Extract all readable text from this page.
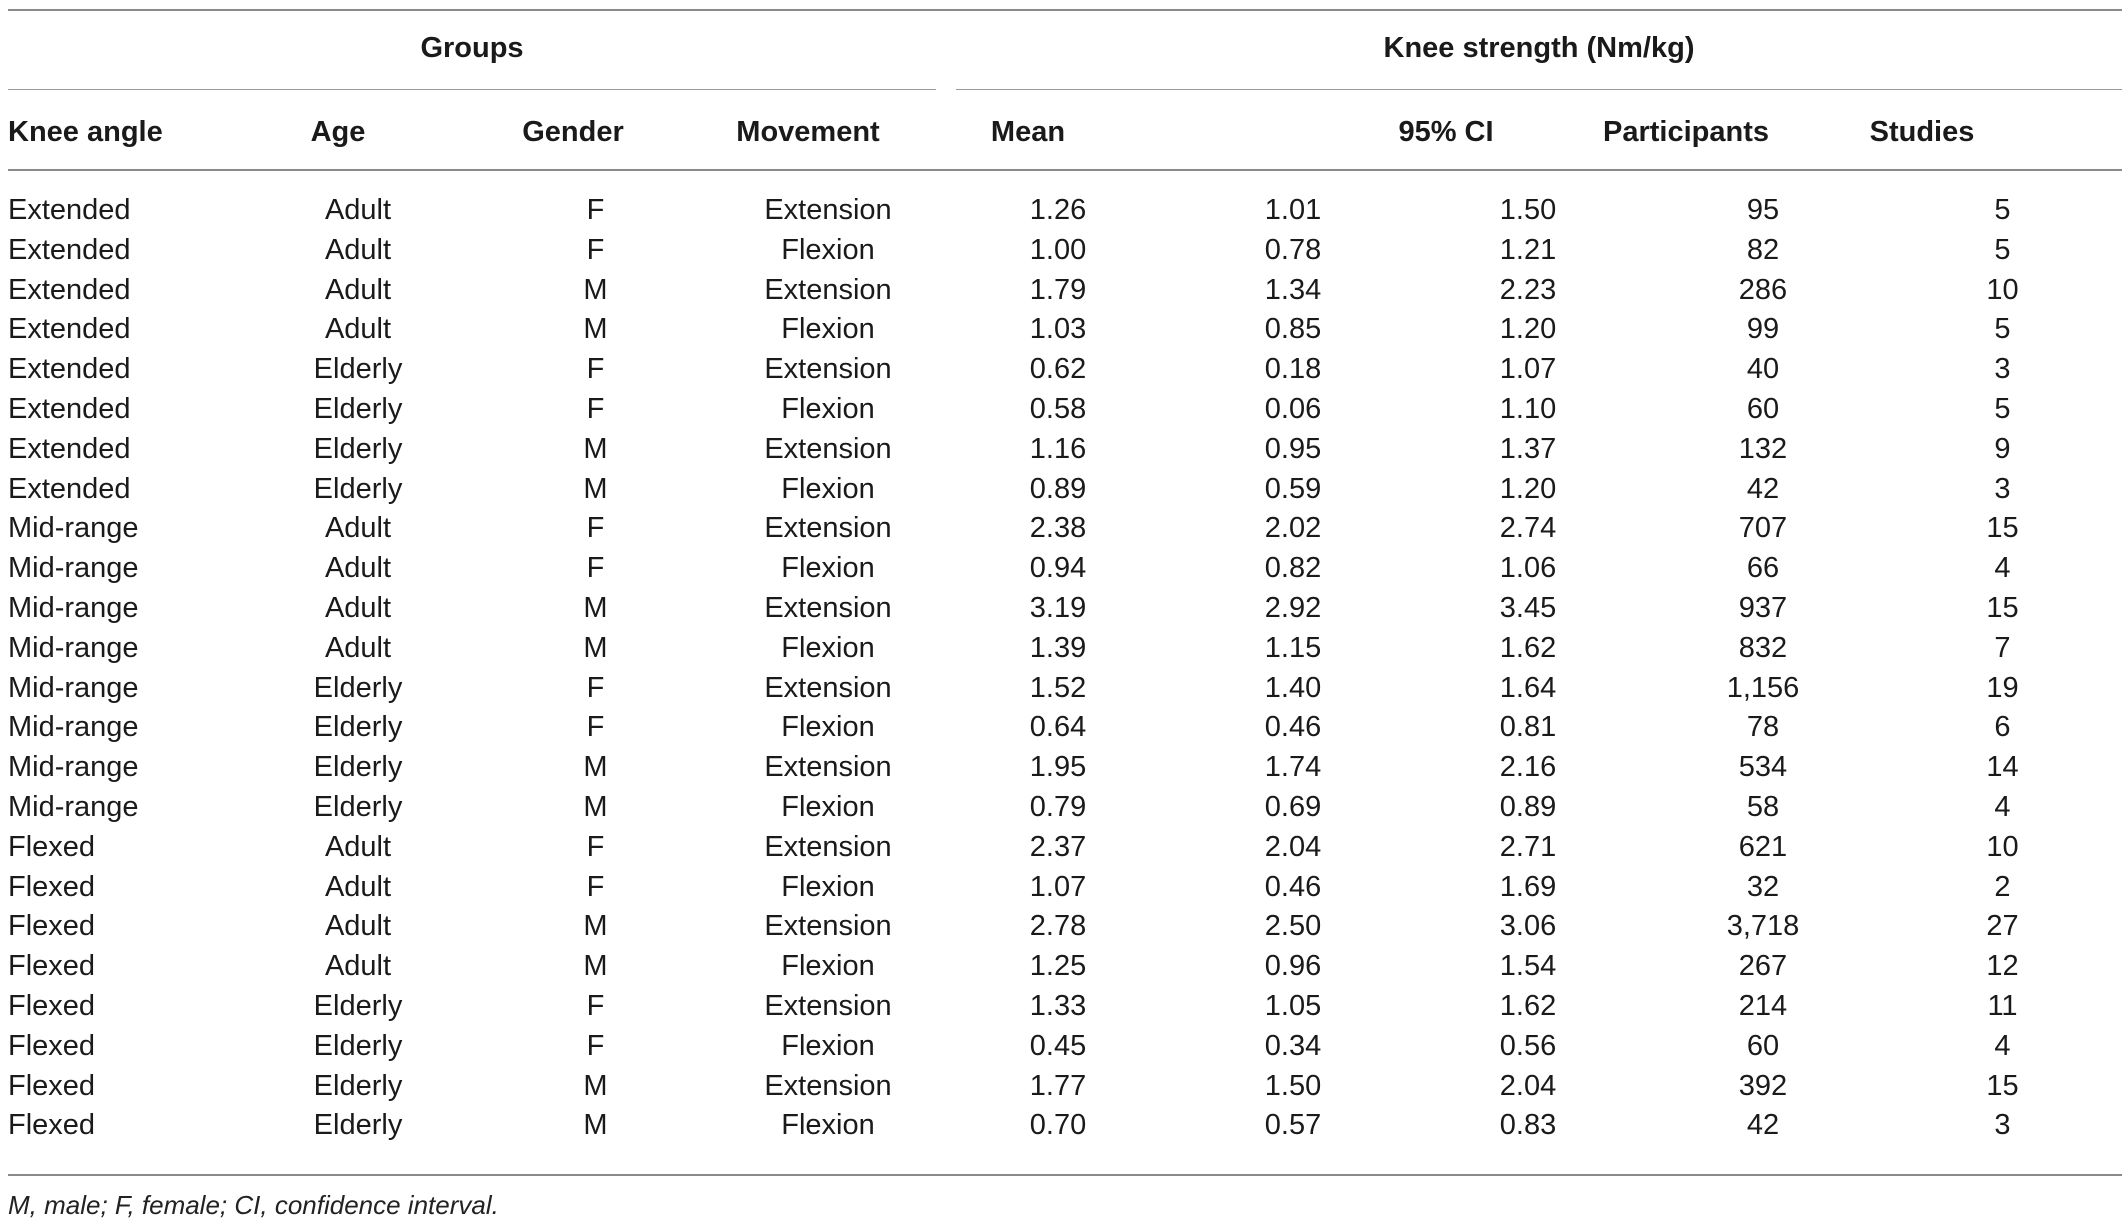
Groups	Knee strength (Nm/kg)
Knee angle	Age	Gender	Movement	Mean	95% CI	Participants	Studies
Extended	Adult	F	Extension	1.26	1.01	1.50	95	5
Extended	Adult	F	Flexion	1.00	0.78	1.21	82	5
Extended	Adult	M	Extension	1.79	1.34	2.23	286	10
Extended	Adult	M	Flexion	1.03	0.85	1.20	99	5
Extended	Elderly	F	Extension	0.62	0.18	1.07	40	3
Extended	Elderly	F	Flexion	0.58	0.06	1.10	60	5
Extended	Elderly	M	Extension	1.16	0.95	1.37	132	9
Extended	Elderly	M	Flexion	0.89	0.59	1.20	42	3
Mid-range	Adult	F	Extension	2.38	2.02	2.74	707	15
Mid-range	Adult	F	Flexion	0.94	0.82	1.06	66	4
Mid-range	Adult	M	Extension	3.19	2.92	3.45	937	15
Mid-range	Adult	M	Flexion	1.39	1.15	1.62	832	7
Mid-range	Elderly	F	Extension	1.52	1.40	1.64	1,156	19
Mid-range	Elderly	F	Flexion	0.64	0.46	0.81	78	6
Mid-range	Elderly	M	Extension	1.95	1.74	2.16	534	14
Mid-range	Elderly	M	Flexion	0.79	0.69	0.89	58	4
Flexed	Adult	F	Extension	2.37	2.04	2.71	621	10
Flexed	Adult	F	Flexion	1.07	0.46	1.69	32	2
Flexed	Adult	M	Extension	2.78	2.50	3.06	3,718	27
Flexed	Adult	M	Flexion	1.25	0.96	1.54	267	12
Flexed	Elderly	F	Extension	1.33	1.05	1.62	214	11
Flexed	Elderly	F	Flexion	0.45	0.34	0.56	60	4
Flexed	Elderly	M	Extension	1.77	1.50	2.04	392	15
Flexed	Elderly	M	Flexion	0.70	0.57	0.83	42	3
M, male; F, female; CI, confidence interval.
